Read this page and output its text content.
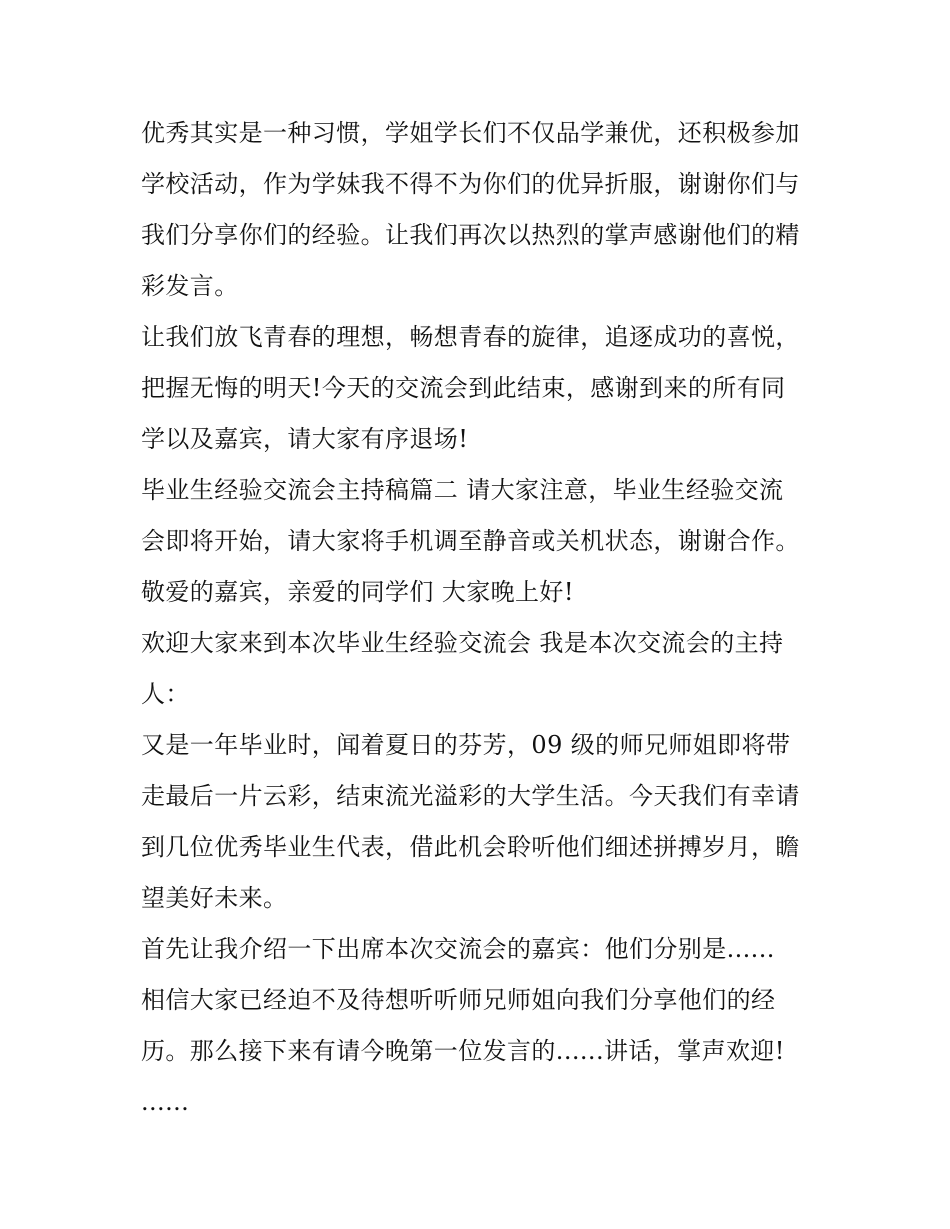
优秀其实是一种习惯，学姐学长们不仅品学兼优，还积极参加
学校活动，作为学妹我不得不为你们的优异折服，谢谢你们与
我们分享你们的经验。让我们再次以热烈的掌声感谢他们的精
彩发言。
让我们放飞青春的理想，畅想青春的旋律，追逐成功的喜悦，
把握无悔的明天!今天的交流会到此结束，感谢到来的所有同
学以及嘉宾，请大家有序退场!
毕业生经验交流会主持稿篇二 请大家注意，毕业生经验交流
会即将开始，请大家将手机调至静音或关机状态，谢谢合作。
敬爱的嘉宾，亲爱的同学们 大家晚上好!
欢迎大家来到本次毕业生经验交流会 我是本次交流会的主持
人：
又是一年毕业时，闻着夏日的芬芳，09 级的师兄师姐即将带
走最后一片云彩，结束流光溢彩的大学生活。今天我们有幸请
到几位优秀毕业生代表，借此机会聆听他们细述拼搏岁月，瞻
望美好未来。
首先让我介绍一下出席本次交流会的嘉宾：他们分别是......
相信大家已经迫不及待想听听师兄师姐向我们分享他们的经
历。那么接下来有请今晚第一位发言的......讲话，掌声欢迎!
......
